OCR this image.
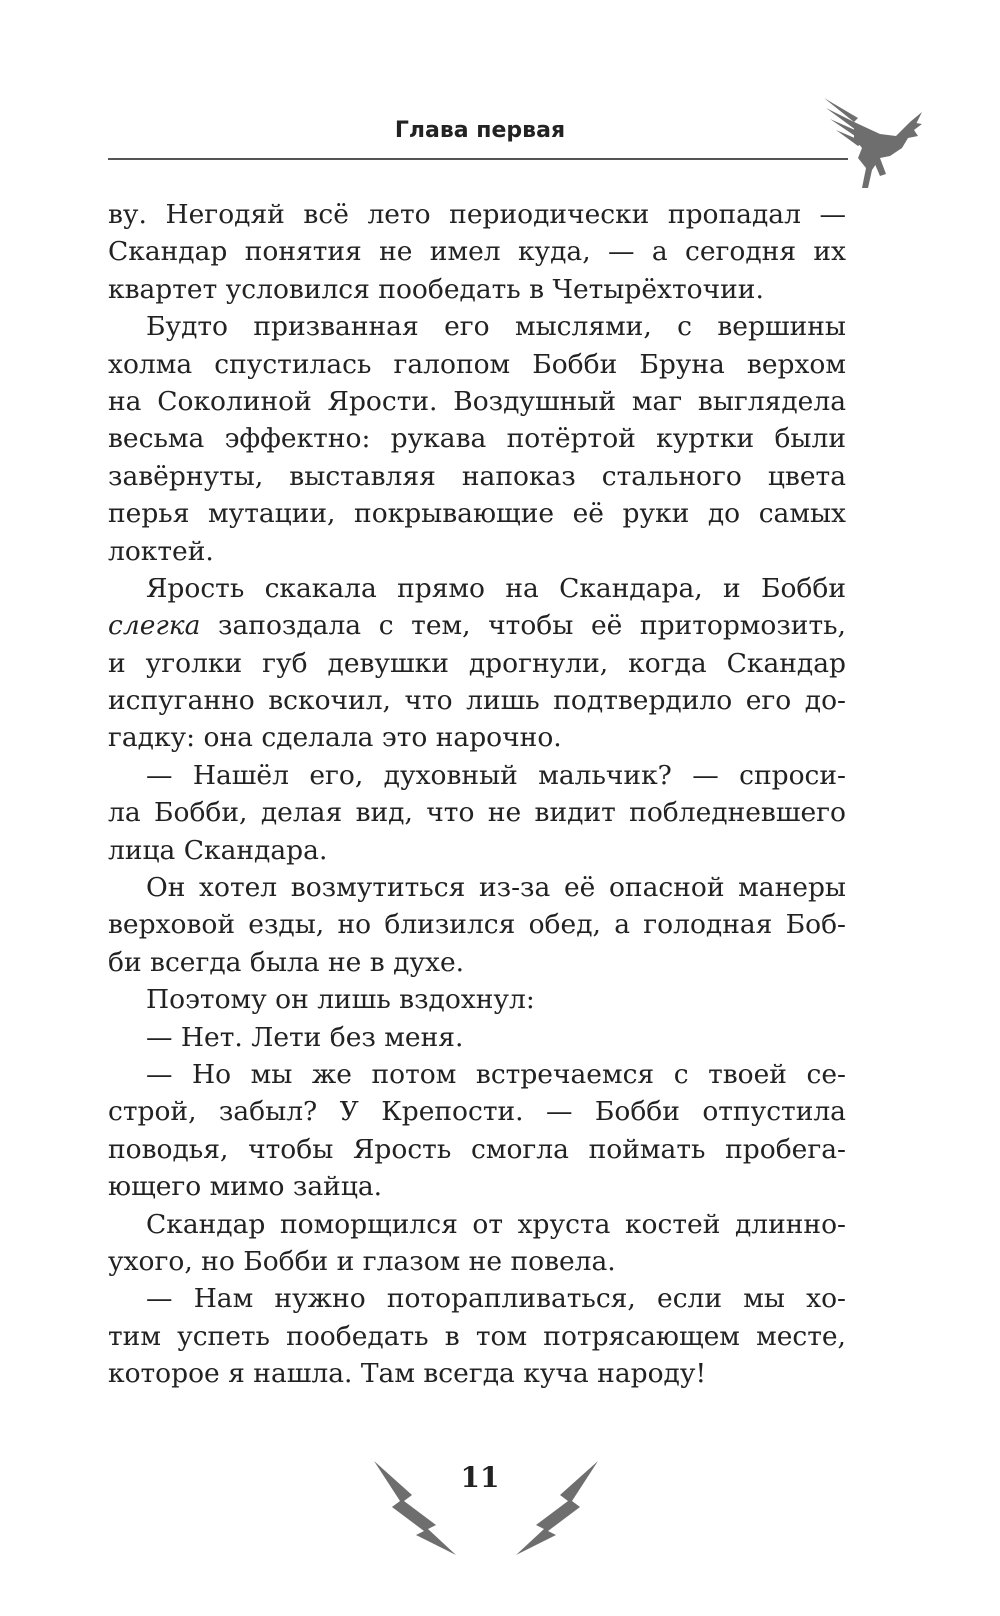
Глава первая
ву. Негодяй всё лето периодически пропадал —
Скандар понятия не имел куда, — а сегодня их
квартет условился пообедать в Четырёхточии.
Будто призванная его мыслями, с вершины
холма спустилась галопом Бобби Бруна верхом
на Соколиной Ярости. Воздушный маг выглядела
весьма эффектно: рукава потёртой куртки были
завёрнуты, выставляя напоказ стального цвета
перья мутации, покрывающие её руки до самых
локтей.
Ярость скакала прямо на Скандара, и Бобби
слегка запоздала с тем, чтобы её притормозить,
и уголки губ девушки дрогнули, когда Скандар
испуганно вскочил, что лишь подтвердило его до-
гадку: она сделала это нарочно.
— Нашёл его, духовный мальчик? — спроси-
ла Бобби, делая вид, что не видит побледневшего
лица Скандара.
Он хотел возмутиться из-за её опасной манеры
верховой езды, но близился обед, а голодная Боб-
би всегда была не в духе.
Поэтому он лишь вздохнул:
— Нет. Лети без меня.
— Но мы же потом встречаемся с твоей се-
строй, забыл? У Крепости. — Бобби отпустила
поводья, чтобы Ярость смогла поймать пробега-
ющего мимо зайца.
Скандар поморщился от хруста костей длинно-
ухого, но Бобби и глазом не повела.
— Нам нужно поторапливаться, если мы хо-
тим успеть пообедать в том потрясающем месте,
которое я нашла. Там всегда куча народу!
11
